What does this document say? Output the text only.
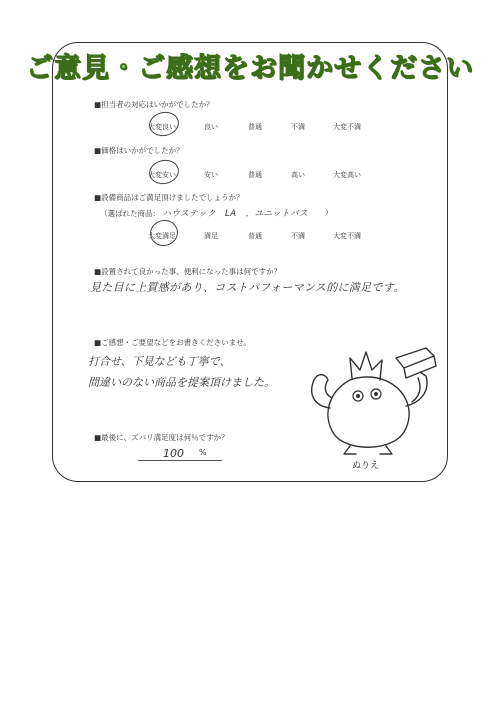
ご意見・ご感想をお聞かせください
■担当者の対応はいかがでしたか？
大変良い	良い	普通	不満	大変不満
■価格はいかがでしたか？
大変安い	安い	普通	高い	大変高い
■設備商品はご満足頂けましたでしょうか？
（選ばれた商品： ハウステック　LA　，ユニットバス ）
大変満足	満足	普通	不満	大変不満
■設置されて良かった事、便利になった事は何ですか？
見た目に上質感があり、コストパフォーマンス的に満足です。
■ご感想・ご要望などをお書きくださいませ。
打合せ、下見なども丁寧で、
間違いのない商品を提案頂けました。
■最後に、ズバリ満足度は何％ですか？
100 %
ぬりえ
